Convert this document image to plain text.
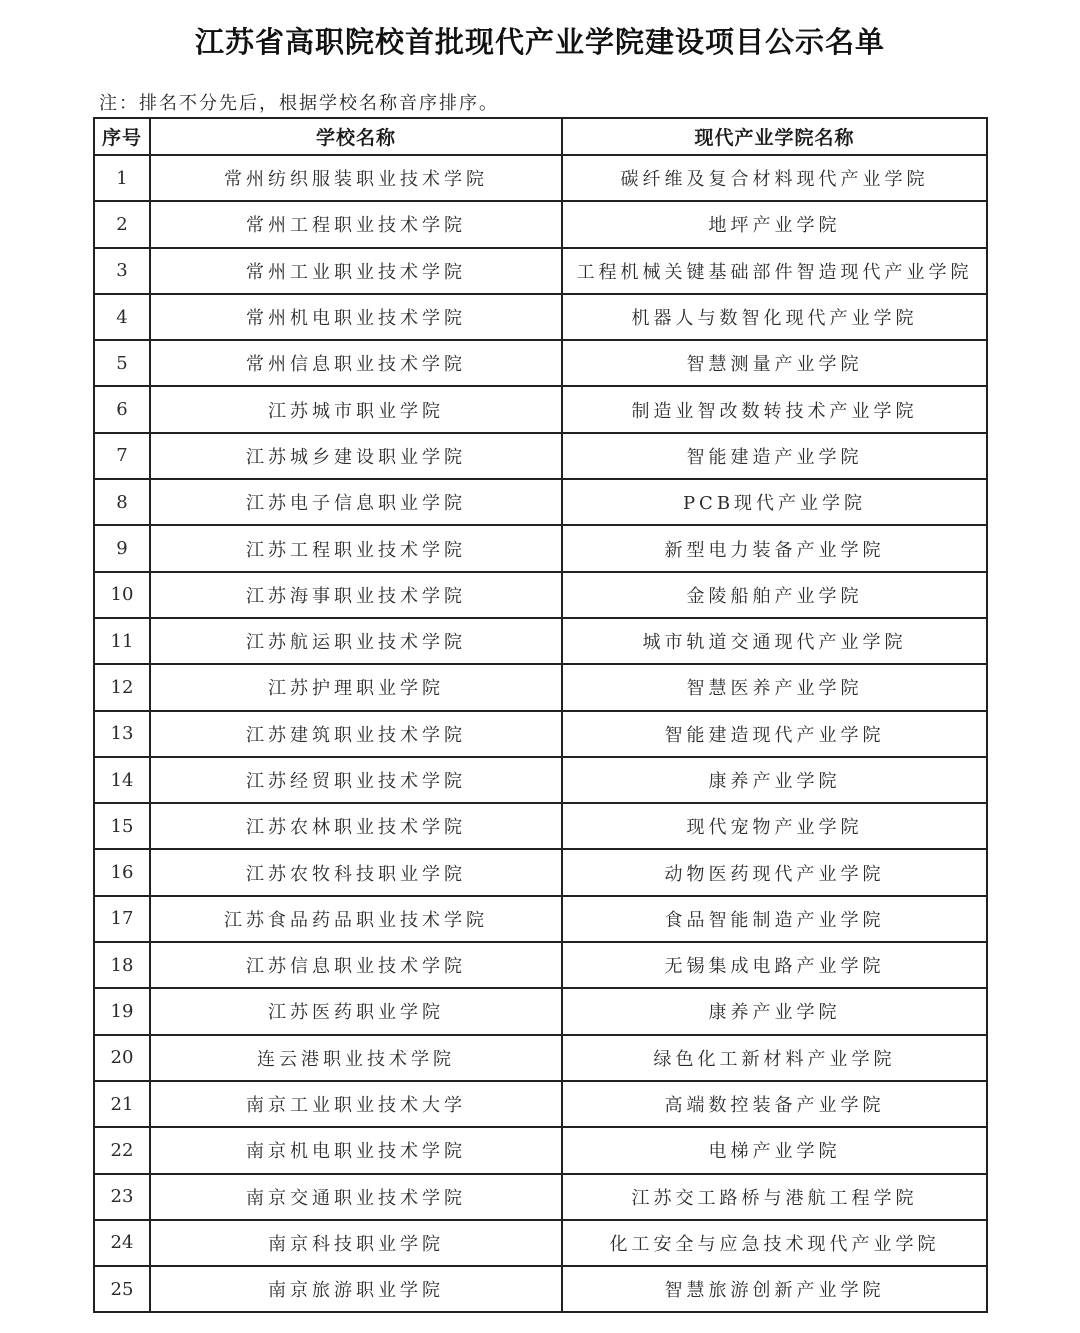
江苏省高职院校首批现代产业学院建设项目公示名单
注：排名不分先后，根据学校名称音序排序。
序号	学校名称	现代产业学院名称
1	常州纺织服装职业技术学院	碳纤维及复合材料现代产业学院
2	常州工程职业技术学院	地坪产业学院
3	常州工业职业技术学院	工程机械关键基础部件智造现代产业学院
4	常州机电职业技术学院	机器人与数智化现代产业学院
5	常州信息职业技术学院	智慧测量产业学院
6	江苏城市职业学院	制造业智改数转技术产业学院
7	江苏城乡建设职业学院	智能建造产业学院
8	江苏电子信息职业学院	PCB现代产业学院
9	江苏工程职业技术学院	新型电力装备产业学院
10	江苏海事职业技术学院	金陵船舶产业学院
11	江苏航运职业技术学院	城市轨道交通现代产业学院
12	江苏护理职业学院	智慧医养产业学院
13	江苏建筑职业技术学院	智能建造现代产业学院
14	江苏经贸职业技术学院	康养产业学院
15	江苏农林职业技术学院	现代宠物产业学院
16	江苏农牧科技职业学院	动物医药现代产业学院
17	江苏食品药品职业技术学院	食品智能制造产业学院
18	江苏信息职业技术学院	无锡集成电路产业学院
19	江苏医药职业学院	康养产业学院
20	连云港职业技术学院	绿色化工新材料产业学院
21	南京工业职业技术大学	高端数控装备产业学院
22	南京机电职业技术学院	电梯产业学院
23	南京交通职业技术学院	江苏交工路桥与港航工程学院
24	南京科技职业学院	化工安全与应急技术现代产业学院
25	南京旅游职业学院	智慧旅游创新产业学院
